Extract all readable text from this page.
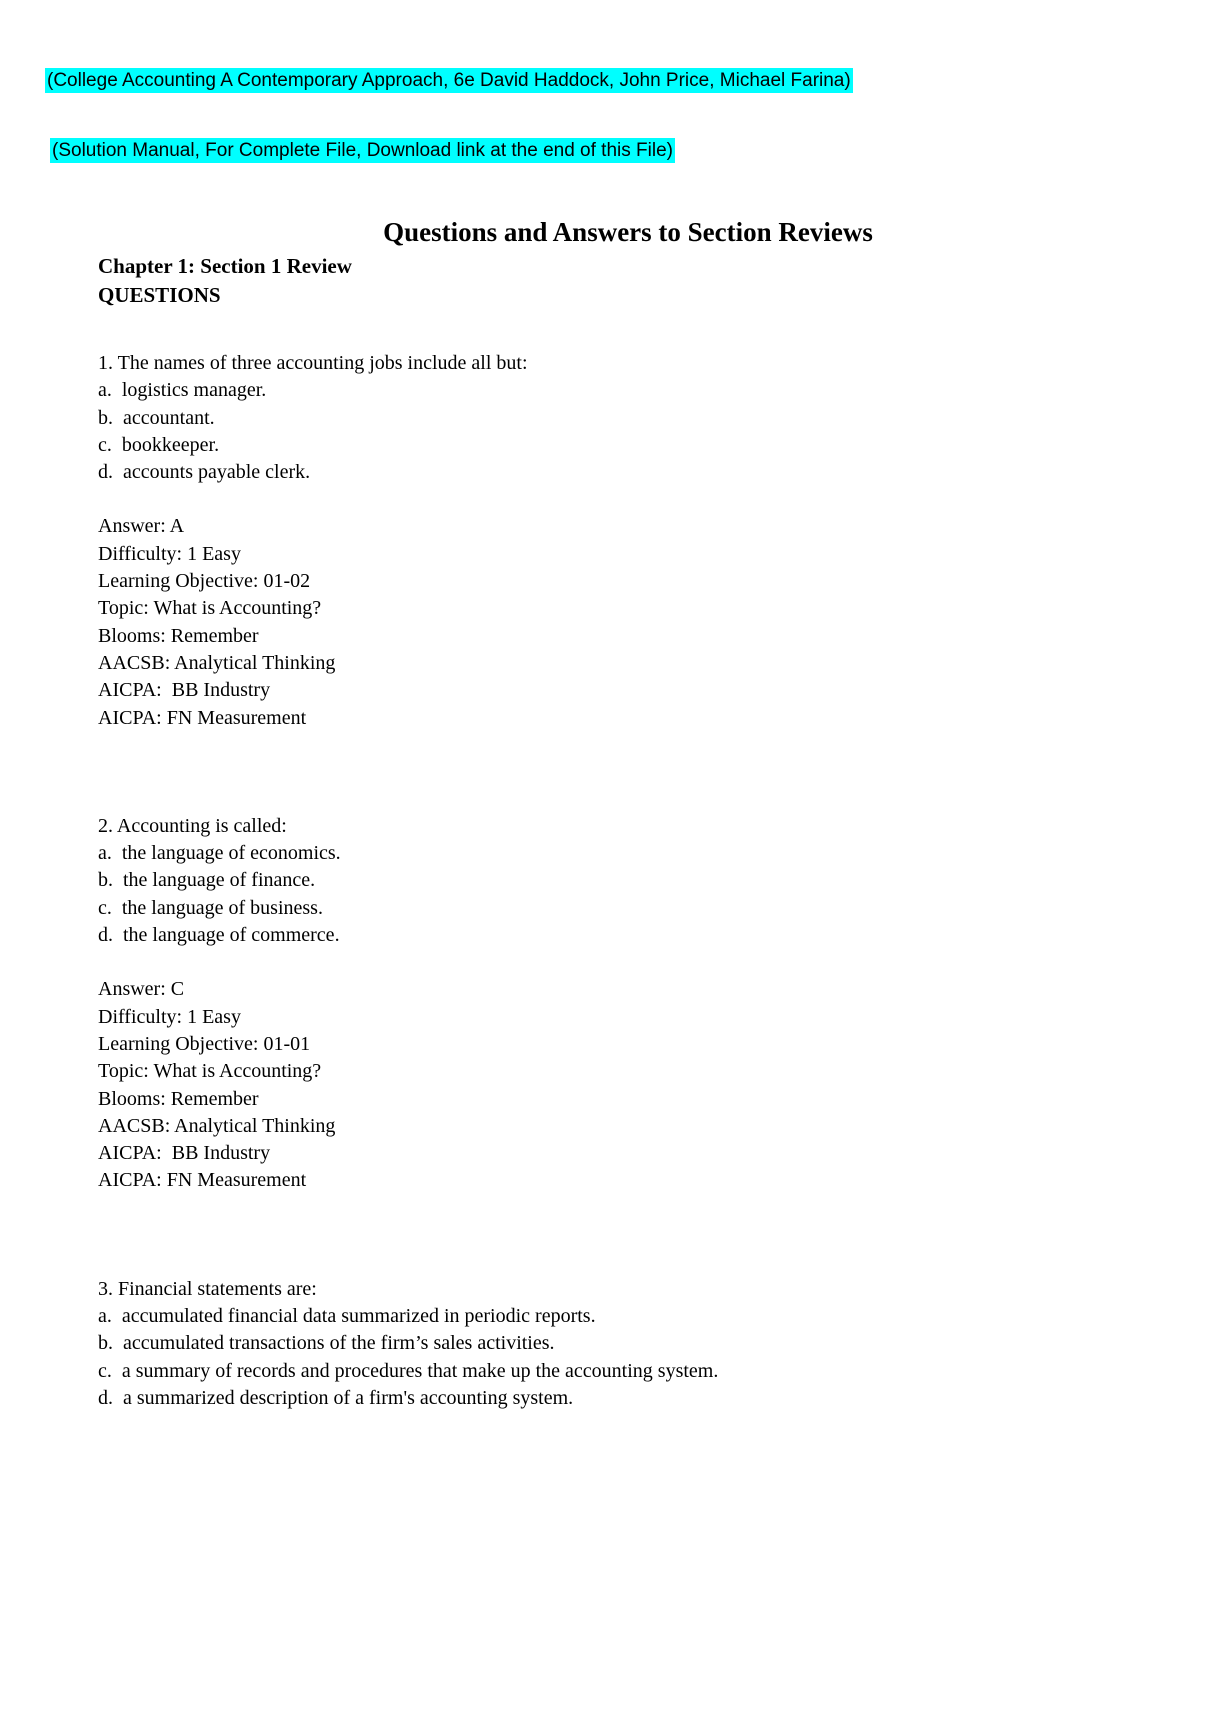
(College Accounting A Contemporary Approach, 6e David Haddock, John Price, Michael Farina)

(Solution Manual, For Complete File, Download link at the end of this File)

Questions and Answers to Section Reviews
Chapter 1: Section 1 Review
QUESTIONS

1. The names of three accounting jobs include all but:

a.  logistics manager.

b.  accountant.

c.  bookkeeper.

d.  accounts payable clerk.

Answer: A

Difficulty: 1 Easy

Learning Objective: 01-02

Topic: What is Accounting?

Blooms: Remember

AACSB: Analytical Thinking

AICPA:  BB Industry

AICPA: FN Measurement

2. Accounting is called:

a.  the language of economics.

b.  the language of finance.

c.  the language of business.

d.  the language of commerce.

Answer: C

Difficulty: 1 Easy

Learning Objective: 01-01

Topic: What is Accounting?

Blooms: Remember

AACSB: Analytical Thinking

AICPA:  BB Industry

AICPA: FN Measurement

3. Financial statements are:

a.  accumulated financial data summarized in periodic reports.

b.  accumulated transactions of the firm’s sales activities.

c.  a summary of records and procedures that make up the accounting system.

d.  a summarized description of a firm's accounting system.
